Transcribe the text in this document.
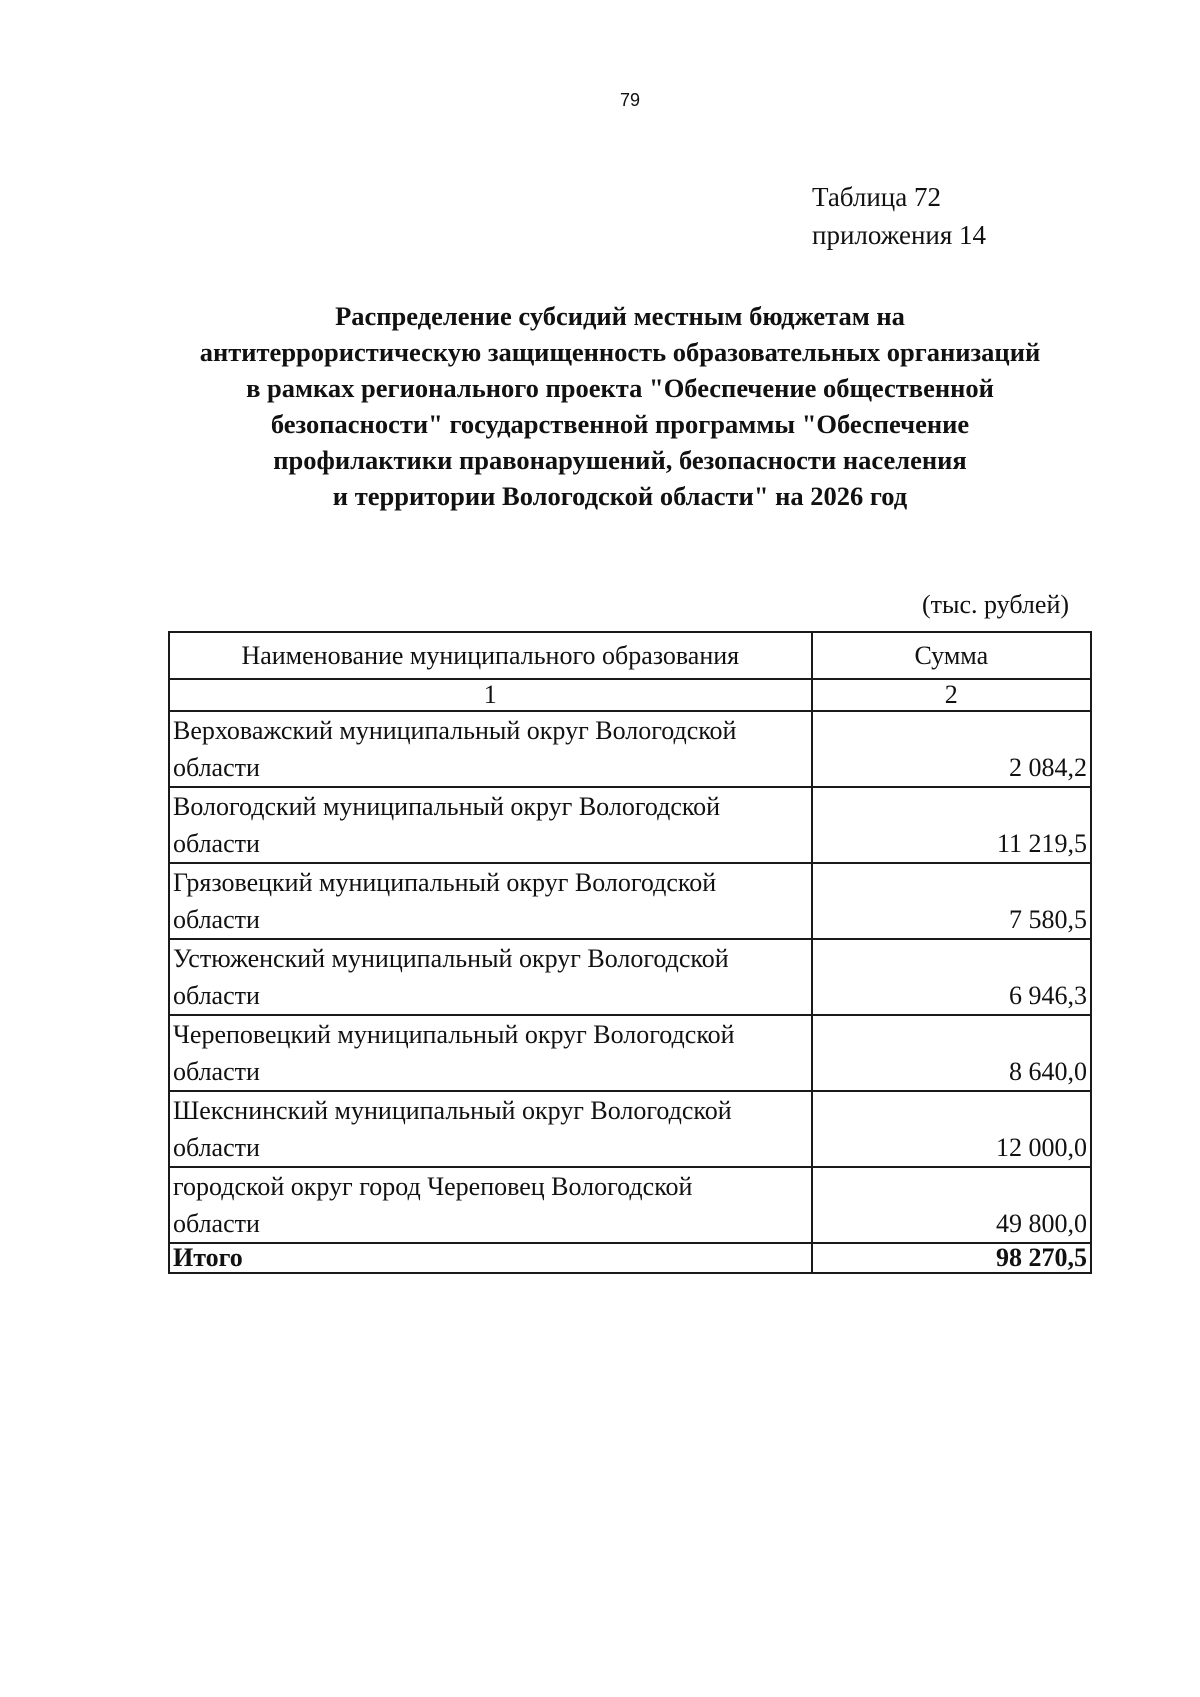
79
Таблица 72
приложения 14
Распределение субсидий местным бюджетам на
антитеррористическую защищенность образовательных организаций
в рамках регионального проекта "Обеспечение общественной
безопасности" государственной программы "Обеспечение
профилактики правонарушений, безопасности населения
и территории Вологодской области" на 2026 год
(тыс. рублей)
Наименование муниципального образования	Сумма
1	2
Верховажский муниципальный округ Вологодской
области	2 084,2
Вологодский муниципальный округ Вологодской
области	11 219,5
Грязовецкий муниципальный округ Вологодской
области	7 580,5
Устюженский муниципальный округ Вологодской
области	6 946,3
Череповецкий муниципальный округ Вологодской
области	8 640,0
Шекснинский муниципальный округ Вологодской
области	12 000,0
городской округ город Череповец Вологодской
области	49 800,0
Итого	98 270,5
